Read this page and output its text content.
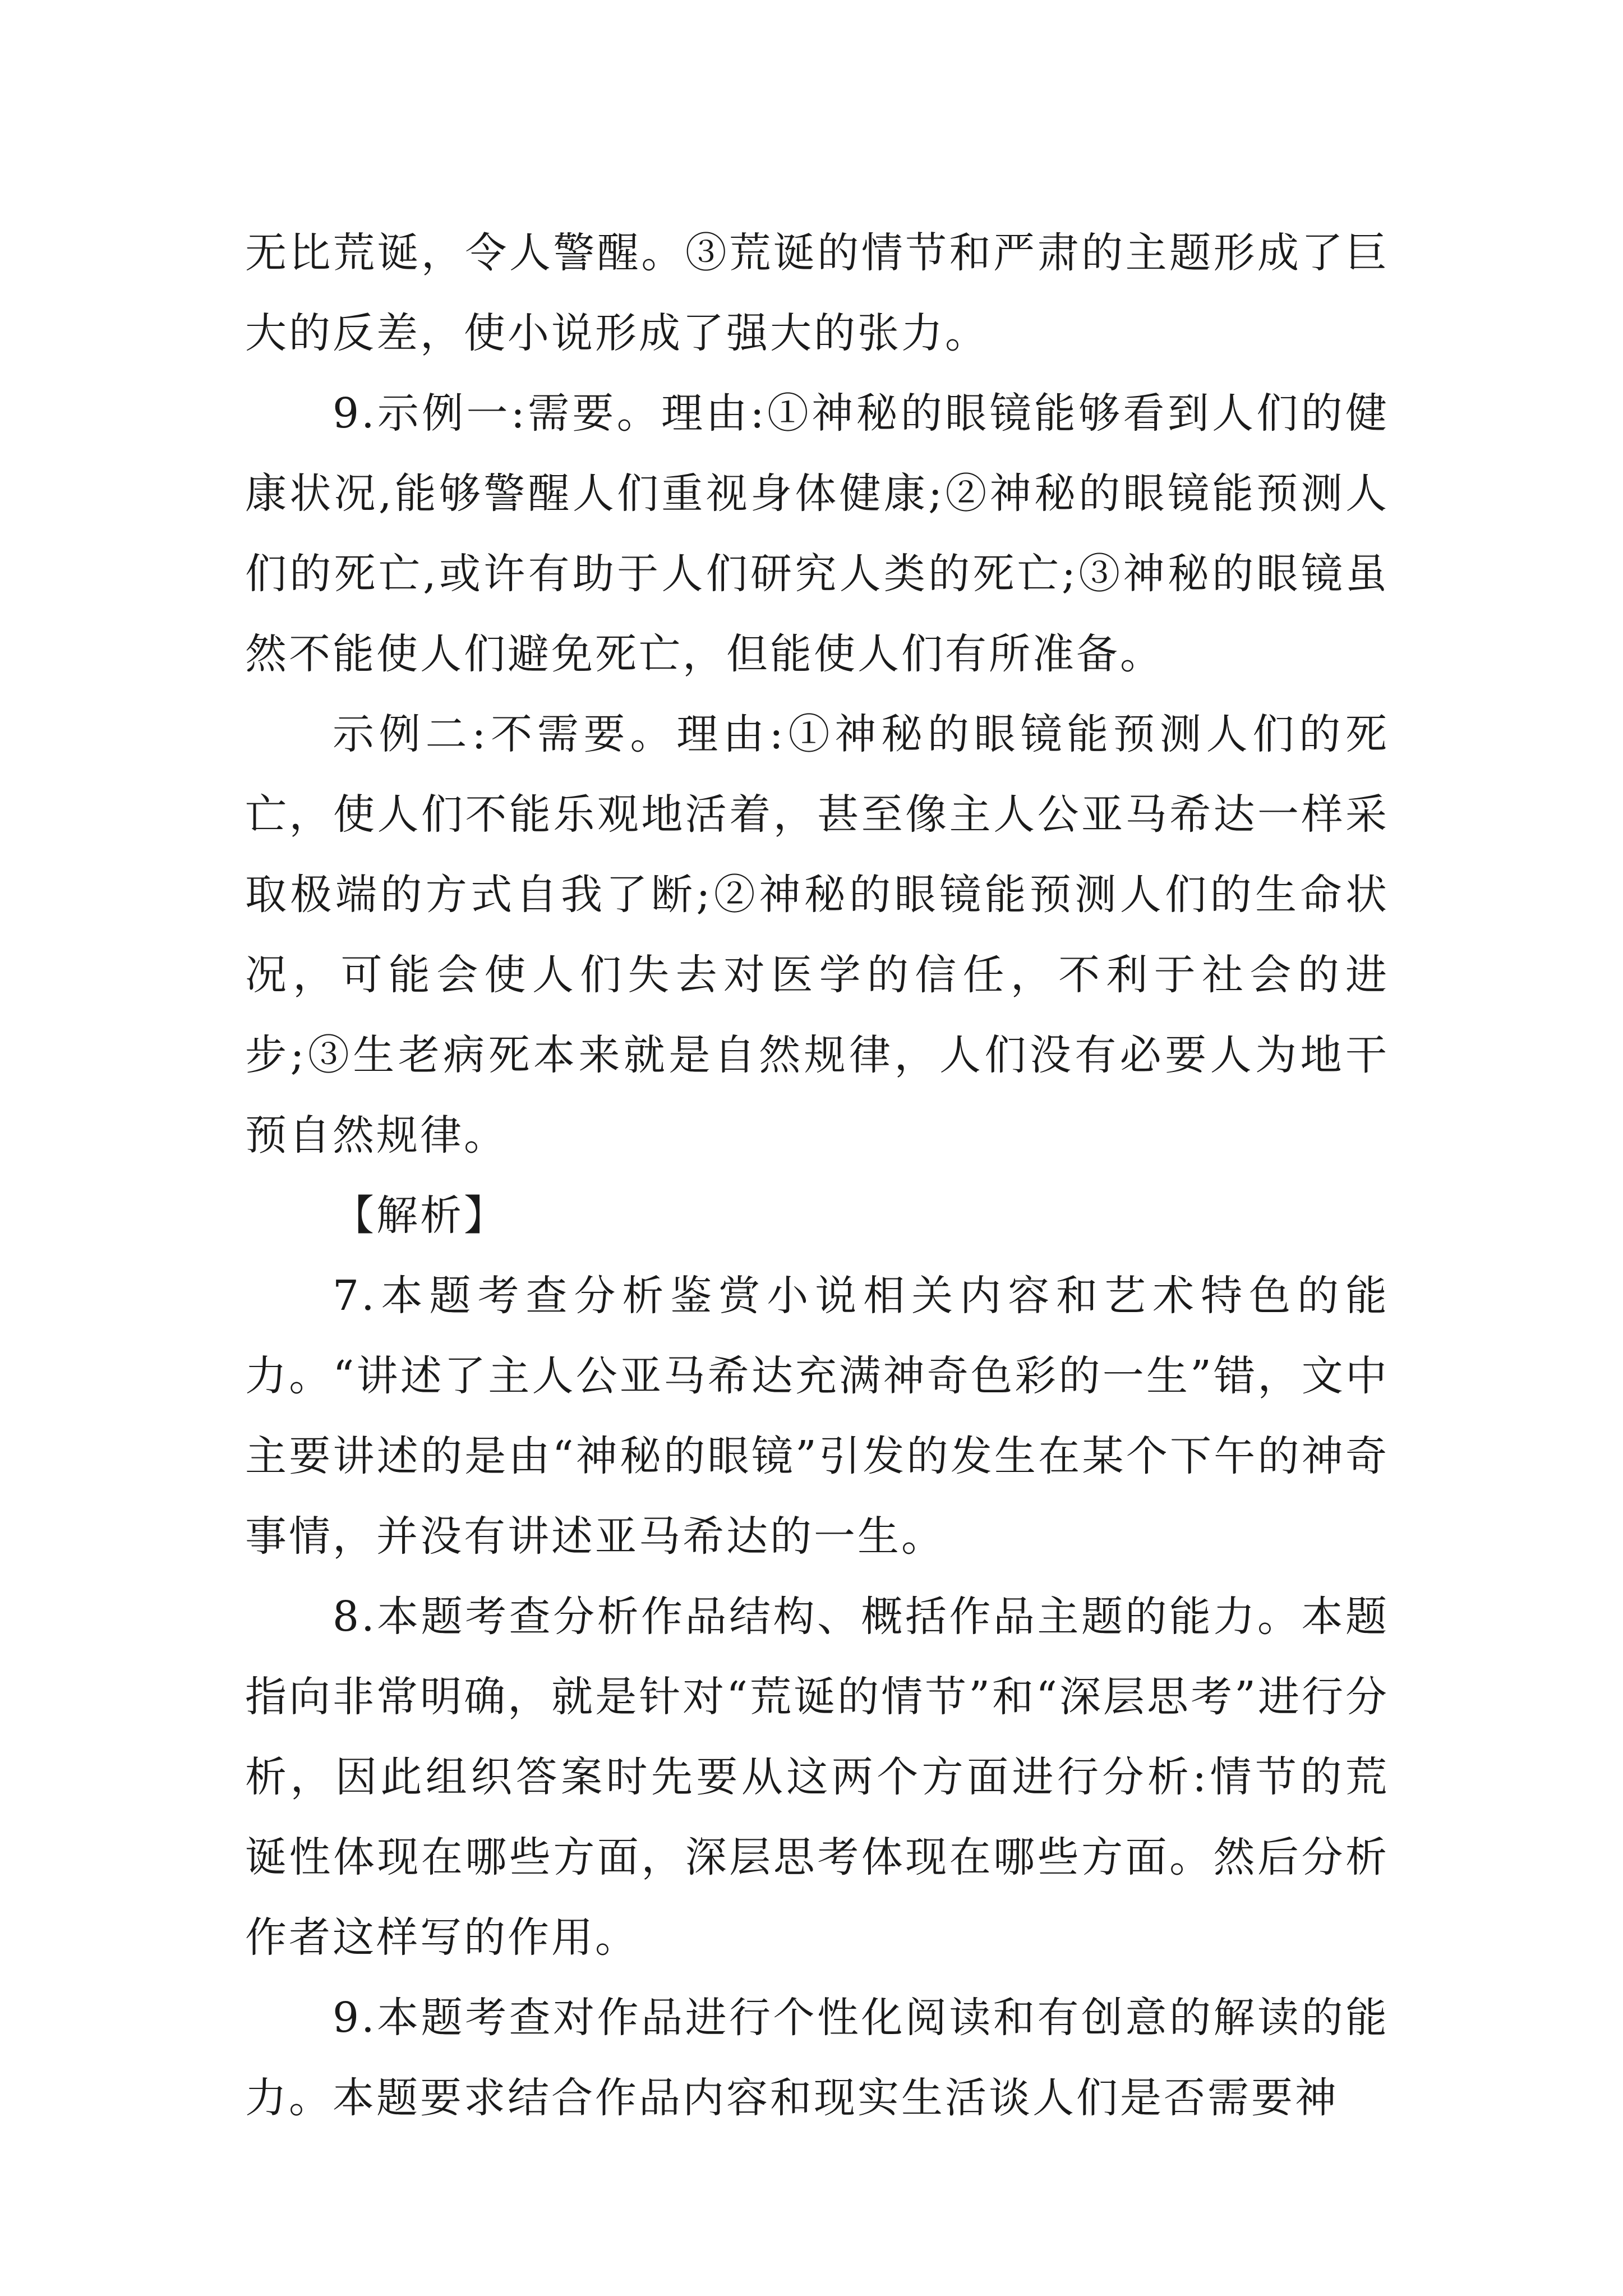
无比荒诞，令人警醒。③荒诞的情节和严肃的主题形成了巨大的反差，使小说形成了强大的张力。

9.示例一:需要。理由:①神秘的眼镜能够看到人们的健康状况,能够警醒人们重视身体健康;②神秘的眼镜能预测人们的死亡,或许有助于人们研究人类的死亡;③神秘的眼镜虽然不能使人们避免死亡，但能使人们有所准备。

示例二:不需要。理由:①神秘的眼镜能预测人们的死亡，使人们不能乐观地活着，甚至像主人公亚马希达一样采取极端的方式自我了断;②神秘的眼镜能预测人们的生命状况，可能会使人们失去对医学的信任，不利于社会的进步;③生老病死本来就是自然规律，人们没有必要人为地干预自然规律。

【解析】

7.本题考查分析鉴赏小说相关内容和艺术特色的能力。“讲述了主人公亚马希达充满神奇色彩的一生”错，文中主要讲述的是由“神秘的眼镜”引发的发生在某个下午的神奇事情，并没有讲述亚马希达的一生。

8.本题考查分析作品结构、概括作品主题的能力。本题指向非常明确，就是针对“荒诞的情节”和“深层思考”进行分析，因此组织答案时先要从这两个方面进行分析:情节的荒诞性体现在哪些方面，深层思考体现在哪些方面。然后分析作者这样写的作用。

9.本题考查对作品进行个性化阅读和有创意的解读的能力。本题要求结合作品内容和现实生活谈人们是否需要神
